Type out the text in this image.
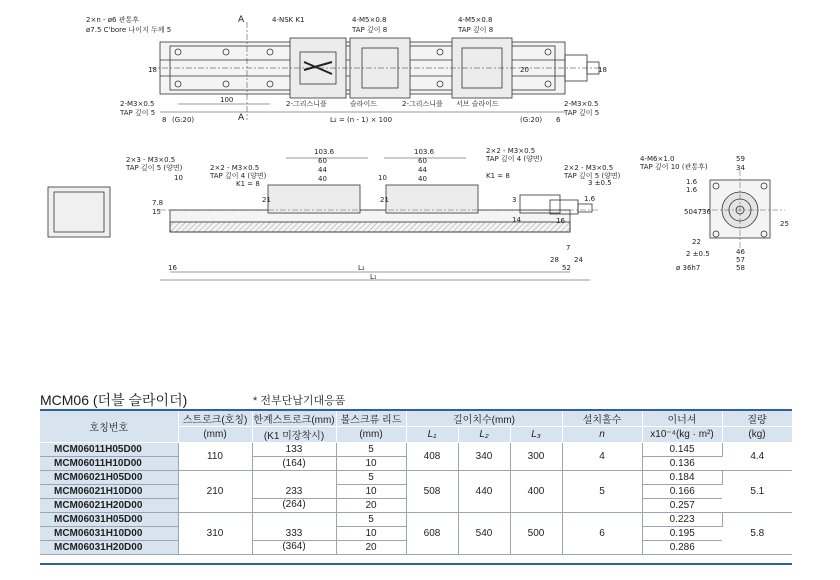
2×n - ø6 관통후
ø7.5 C'bore 나이지 두께 5
A	4-NSK K1	4-M5×0.8
TAP 깊이 8
4-M5×0.8
TAP 깊이 8
2-M3×0.5
TAP 깊이 5
2-M3×0.5
TAP 깊이 5
2-그리스니플	슬라이드	2-그리스니플 서브 슬라이드
A
18	18
100
(G:20)	(G:20)
L₂ = (n - 1) × 100
8	6
20
2×3 - M3×0.5
TAP 깊이 5 (양면)	2×2 - M3×0.5
TAP 깊이 4 (양면)
K1 = 8
103.6
60
44
40
103.6
60
44
40
2×2 - M3×0.5
TAP 깊이 4 (양면)
K1 = 8
2×2 - M3×0.5
TAP 깊이 5 (양면)
7.8
15
10
21
10
21
14
3
16
1.6
3 ±0.5
7
28 24
52
16	L₂
L₁
4-M6×1.0
TAP 깊이 10 (관통후)
59
34
1.6
1.6
50 47 36
25
46
57
58
ø 36h7
22
2 ±0.5
MCM06 (더블 슬라이더)	* 전부단납기대응품
호칭번호	스트로크(호칭)	한계스트로크(mm)	볼스크류 리드	길이치수(mm)			설치홀수	이너셔	질량
	(mm)	(K1 미장착시)	(mm)	L₁	L₂	L₃	n	x10⁻⁴(kg · m²)	(kg)
MCM06011H05D00	110	133	5	408	340	300	4	0.145	4.4
MCM06011H10D00		(164)	10					0.136	
MCM06021H05D00	210	233	5	508	440	400	5	0.184	5.1
MCM06021H10D00			10					0.166	
MCM06021H20D00		(264)	20					0.257	
MCM06031H05D00	310	333	5	608	540	500	6	0.223	5.8
MCM06031H10D00			10					0.195	
MCM06031H20D00		(364)	20					0.286	
